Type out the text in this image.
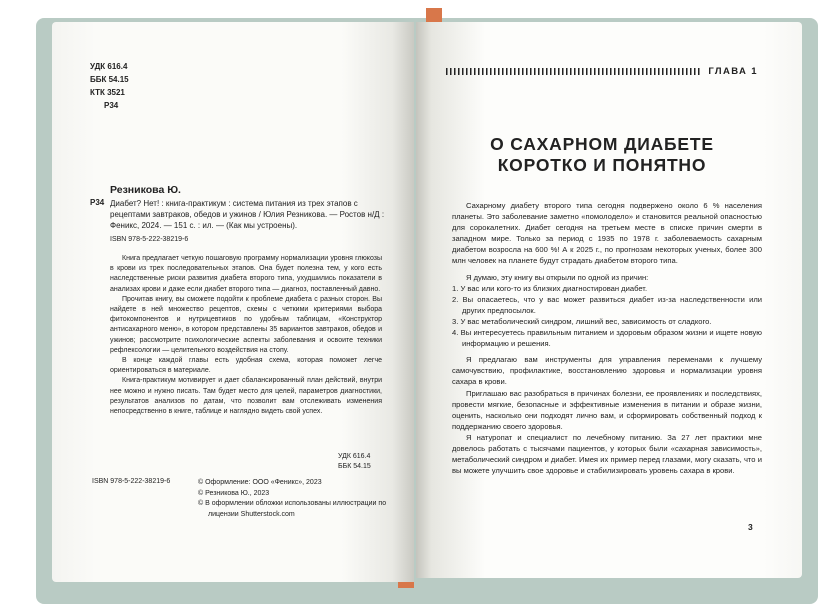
УДК 616.4
ББК 54.15
КТК 3521
Р34
Резникова Ю.
Р34 Диабет? Нет! : книга-практикум : система питания из трех этапов с рецептами завтраков, обедов и ужинов / Юлия Резникова. — Ростов н/Д : Феникс, 2024. — 151 с. : ил. — (Как мы устроены).
ISBN 978-5-222-38219-6

Книга предлагает четкую пошаговую программу нормализации уровня глюкозы в крови из трех последовательных этапов. Она будет полезна тем, у кого есть наследственные риски развития диабета второго типа, ухудшились показатели в анализах крови и даже если диабет второго типа — диагноз, поставленный давно.

Прочитав книгу, вы сможете подойти к проблеме диабета с разных сторон. Вы найдете в ней множество рецептов, схемы с четкими критериями выбора фитокомпонентов и нутрицевтиков по удобным таблицам, «Конструктор антисахарного меню», в котором представлены 35 вариантов завтраков, обедов и ужинов; рассмотрите психологические аспекты заболевания и освоите техники рефлексологии — целительного воздействия на стопу.

В конце каждой главы есть удобная схема, которая поможет легче ориентироваться в материале.

Книга-практикум мотивирует и дает сбалансированный план действий, внутри нее можно и нужно писать. Там будет место для целей, параметров диагностики, результатов анализов по датам, что позволит вам отслеживать изменения непосредственно в книге, таблице и наглядно видеть свой успех.

УДК 616.4
ББК 54.15
ISBN 978-5-222-38219-6	© Оформление: ООО «Феникс», 2023
© Резникова Ю., 2023
© В оформлении обложки использованы иллюстрации по лицензии Shutterstock.com
ГЛАВА 1
О САХАРНОМ ДИАБЕТЕ
КОРОТКО И ПОНЯТНО

Сахарному диабету второго типа сегодня подвержено около 6 % населения планеты. Это заболевание заметно «помолодело» и становится реальной опасностью для сорокалетних. Диабет сегодня на третьем месте в списке причин смерти в западном мире. Только за период с 1935 по 1978 г. заболеваемость сахарным диабетом возросла на 600 %! А к 2025 г., по прогнозам некоторых ученых, более 300 млн человек на планете будут страдать диабетом второго типа.

Я думаю, эту книгу вы открыли по одной из причин:

1. У вас или кого-то из близких диагностирован диабет.

2. Вы опасаетесь, что у вас может развиться диабет из-за наследственности или других предпосылок.

3. У вас метаболический синдром, лишний вес, зависимость от сладкого.

4. Вы интересуетесь правильным питанием и здоровым образом жизни и ищете новую информацию и решения.

Я предлагаю вам инструменты для управления переменами к лучшему самочувствию, профилактике, восстановлению здоровья и нормализации уровня сахара в крови.

Приглашаю вас разобраться в причинах болезни, ее проявлениях и последствиях, провести мягкие, безопасные и эффективные изменения в питании и образе жизни, оценить, насколько они подходят лично вам, и сформировать собственный подход к поддержанию своего здоровья.

Я натуропат и специалист по лечебному питанию. За 27 лет практики мне довелось работать с тысячами пациентов, у которых были «сахарная зависимость», метаболический синдром и диабет. Имея их пример перед глазами, могу сказать, что и вы можете улучшить свое здоровье и стабилизировать уровень сахара в крови.

3
